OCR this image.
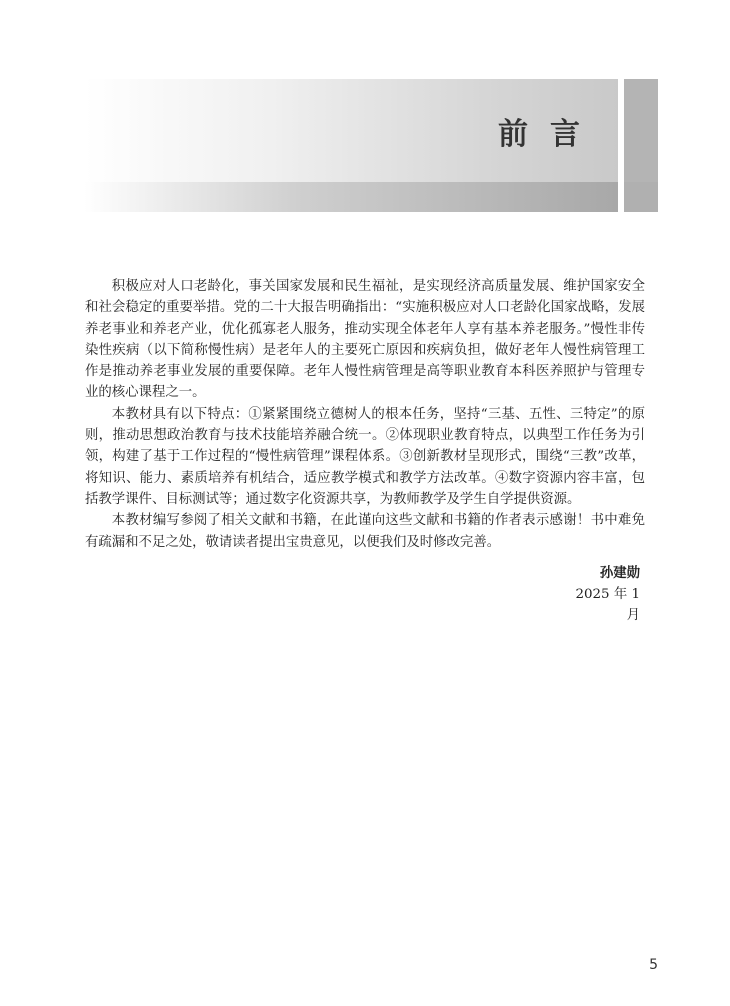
前言

积极应对人口老龄化，事关国家发展和民生福祉，是实现经济高质量发展、维护国家安全和社会稳定的重要举措。党的二十大报告明确指出：“实施积极应对人口老龄化国家战略，发展养老事业和养老产业，优化孤寡老人服务，推动实现全体老年人享有基本养老服务。”慢性非传染性疾病（以下简称慢性病）是老年人的主要死亡原因和疾病负担，做好老年人慢性病管理工作是推动养老事业发展的重要保障。老年人慢性病管理是高等职业教育本科医养照护与管理专业的核心课程之一。

本教材具有以下特点：①紧紧围绕立德树人的根本任务，坚持“三基、五性、三特定”的原则，推动思想政治教育与技术技能培养融合统一。②体现职业教育特点，以典型工作任务为引领，构建了基于工作过程的“慢性病管理”课程体系。③创新教材呈现形式，围绕“三教”改革，将知识、能力、素质培养有机结合，适应教学模式和教学方法改革。④数字资源内容丰富，包括教学课件、目标测试等；通过数字化资源共享，为教师教学及学生自学提供资源。

本教材编写参阅了相关文献和书籍，在此谨向这些文献和书籍的作者表示感谢！书中难免有疏漏和不足之处，敬请读者提出宝贵意见，以便我们及时修改完善。

孙建勋
2025 年 1 月
5
